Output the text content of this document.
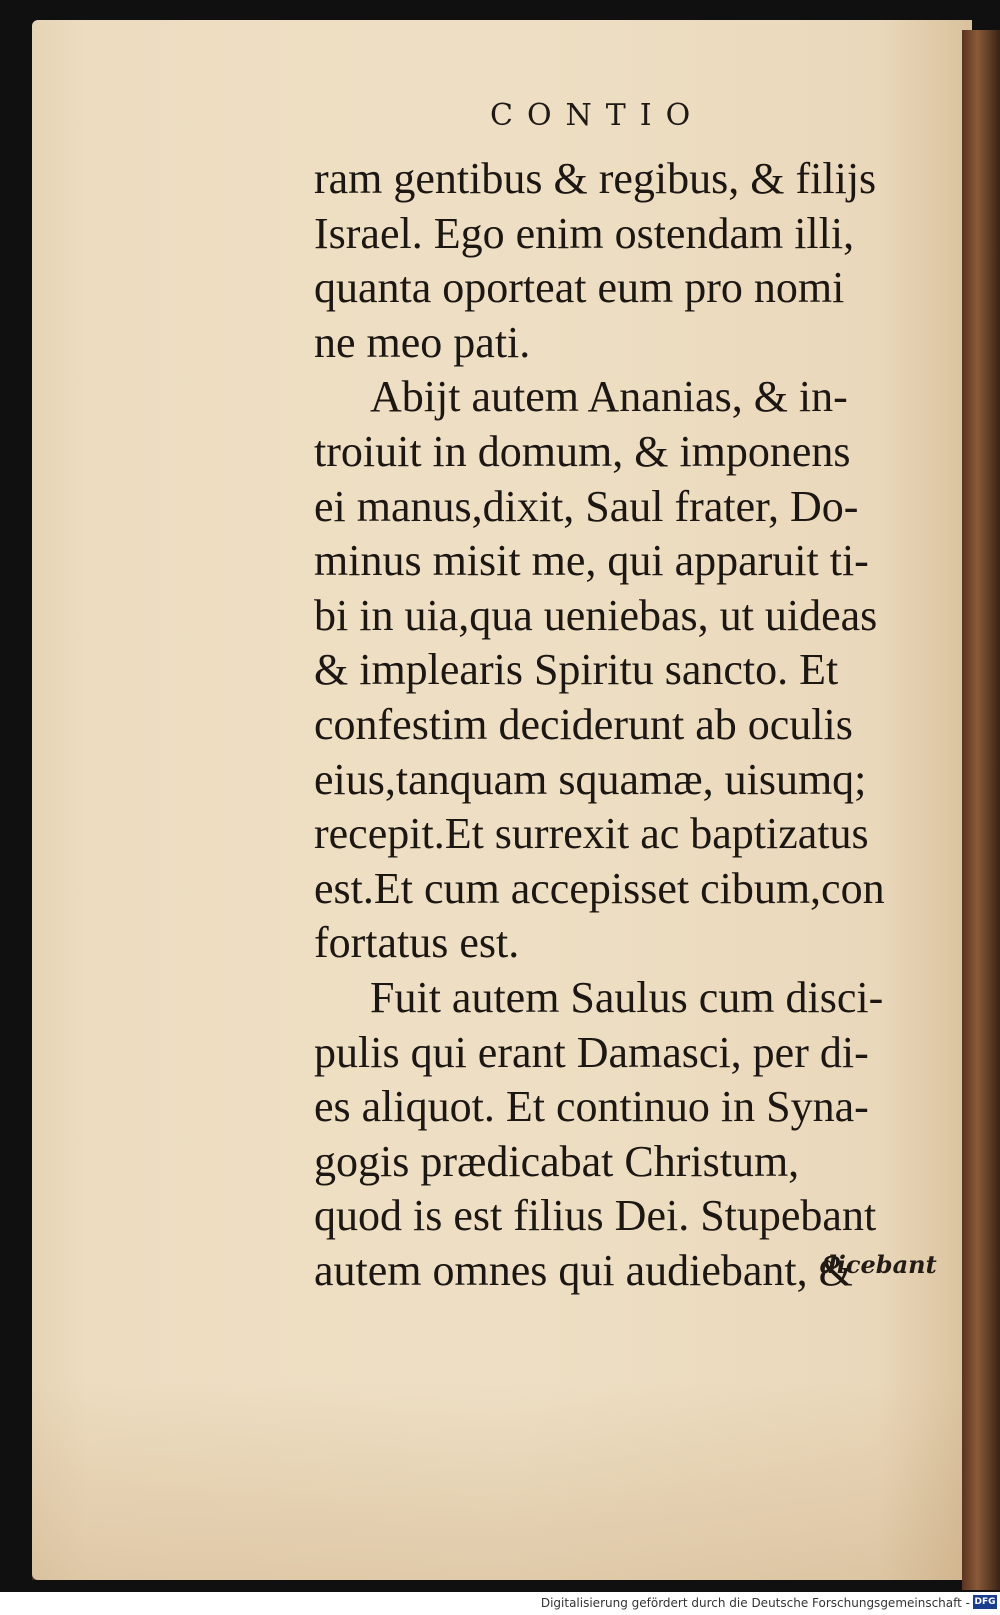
CONTIO
ram gentibus & regibus, & filijs
Israel. Ego enim ostendam illi,
quanta oporteat eum pro nomi
ne meo pati.
Abijt autem Ananias, & in-
troiuit in domum, & imponens
ei manus,dixit, Saul frater, Do-
minus misit me, qui apparuit ti-
bi in uia,qua ueniebas, ut uideas
& implearis Spiritu sancto. Et
confestim deciderunt ab oculis
eius,tanquam squamæ, uisumq;
recepit.Et surrexit ac baptizatus
est.Et cum accepisset cibum,con
fortatus est.
Fuit autem Saulus cum disci-
pulis qui erant Damasci, per di-
es aliquot. Et continuo in Syna-
gogis prædicabat Christum,
quod is est filius Dei. Stupebant
autem omnes qui audiebant, &
dicebant
Digitalisierung gefördert durch die Deutsche Forschungsgemeinschaft - DFG
